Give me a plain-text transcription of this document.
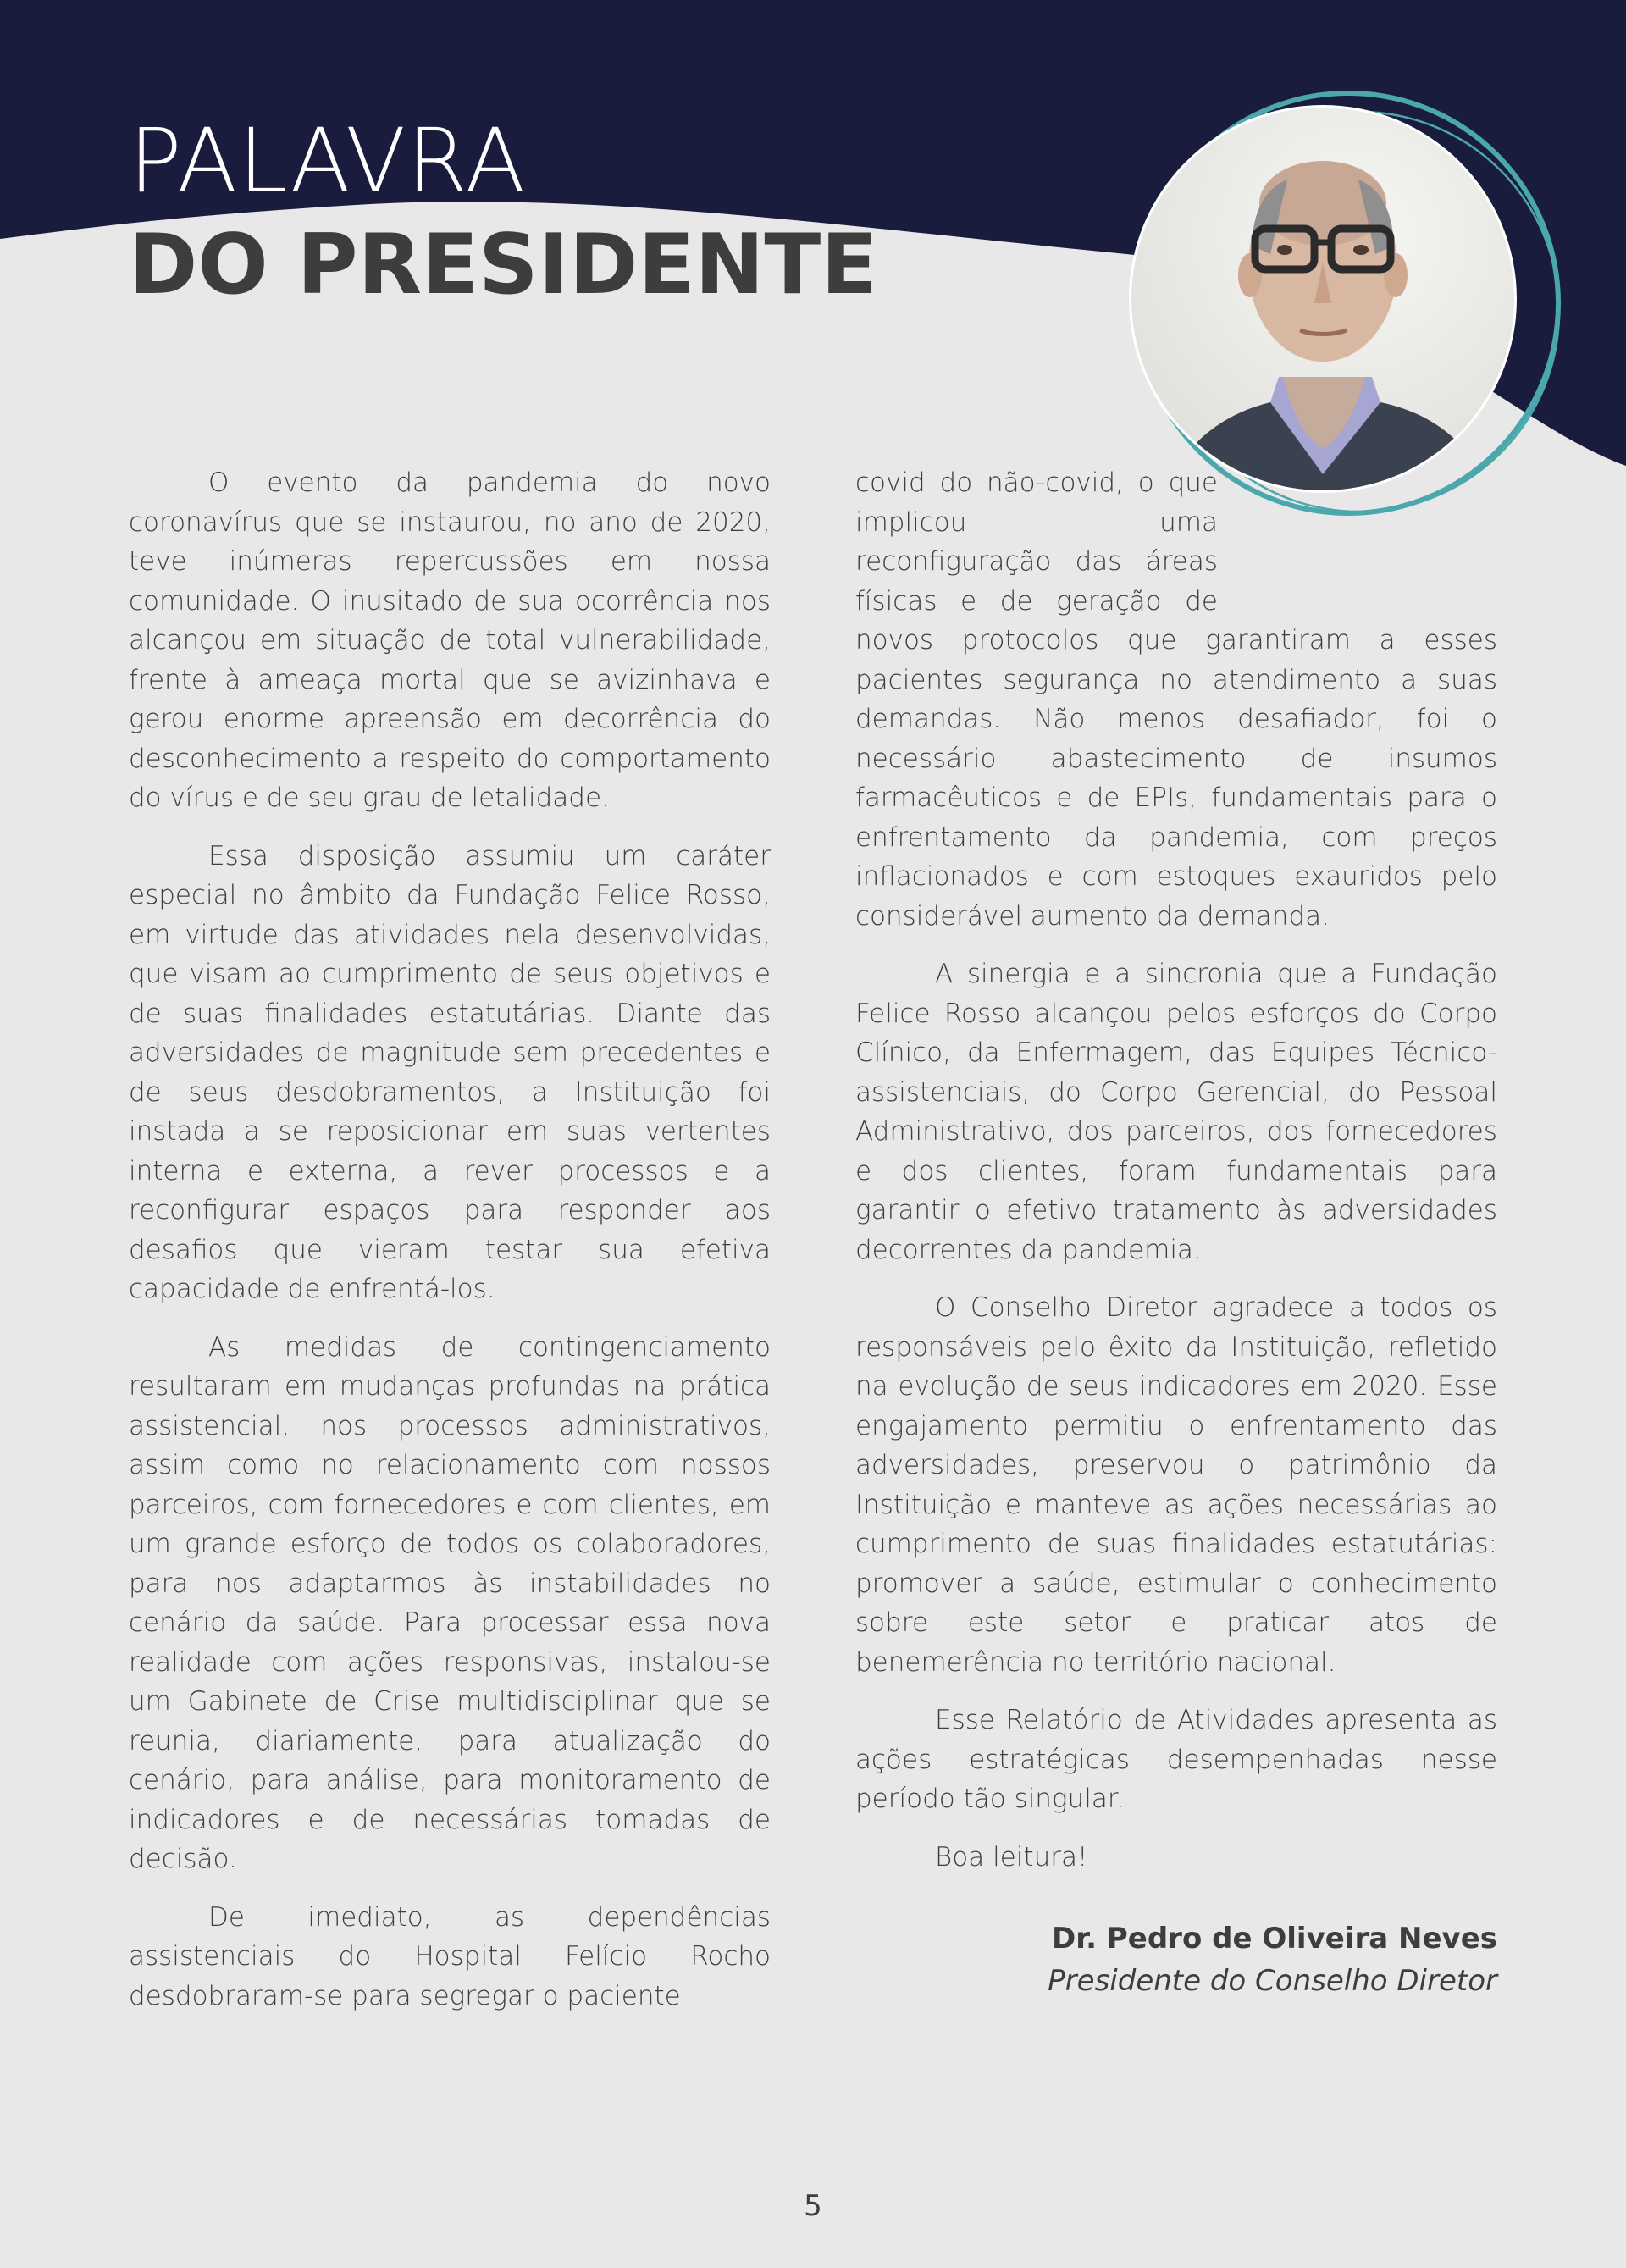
PALAVRA
DO PRESIDENTE

O evento da pandemia do novo coronavírus que se instaurou, no ano de 2020, teve inúmeras repercussões em nossa comunidade. O inusitado de sua ocorrência nos alcançou em situação de total vulnerabilidade, frente à ameaça mortal que se avizinhava e gerou enorme apreensão em decorrência do desconhecimento a respeito do comportamento do vírus e de seu grau de letalidade.

Essa disposição assumiu um caráter especial no âmbito da Fundação Felice Rosso, em virtude das atividades nela desenvolvidas, que visam ao cumprimento de seus objetivos e de suas finalidades estatutárias. Diante das adversidades de magnitude sem precedentes e de seus desdobramentos, a Instituição foi instada a se reposicionar em suas vertentes interna e externa, a rever processos e a reconfigurar espaços para responder aos desafios que vieram testar sua efetiva capacidade de enfrentá-los.

As medidas de contingenciamento resultaram em mudanças profundas na prática assistencial, nos processos administrativos, assim como no relacionamento com nossos parceiros, com fornecedores e com clientes, em um grande esforço de todos os colaboradores, para nos adaptarmos às instabilidades no cenário da saúde. Para processar essa nova realidade com ações responsivas, instalou-se um Gabinete de Crise multidisciplinar que se reunia, diariamente, para atualização do cenário, para análise, para monitoramento de indicadores e de necessárias tomadas de decisão.

De imediato, as dependências assistenciais do Hospital Felício Rocho desdobraram-se para segregar o paciente

covid do não-covid, o que implicou uma reconfiguração das áreas físicas e de geração de novos protocolos que garantiram a esses pacientes segurança no atendimento a suas demandas. Não menos desafiador, foi o necessário abastecimento de insumos farmacêuticos e de EPIs, fundamentais para o enfrentamento da pandemia, com preços inflacionados e com estoques exauridos pelo considerável aumento da demanda.

A sinergia e a sincronia que a Fundação Felice Rosso alcançou pelos esforços do Corpo Clínico, da Enfermagem, das Equipes Técnico-assistenciais, do Corpo Gerencial, do Pessoal Administrativo, dos parceiros, dos fornecedores e dos clientes, foram fundamentais para garantir o efetivo tratamento às adversidades decorrentes da pandemia.

O Conselho Diretor agradece a todos os responsáveis pelo êxito da Instituição, refletido na evolução de seus indicadores em 2020. Esse engajamento permitiu o enfrentamento das adversidades, preservou o patrimônio da Instituição e manteve as ações necessárias ao cumprimento de suas finalidades estatutárias: promover a saúde, estimular o conhecimento sobre este setor e praticar atos de benemerência no território nacional.

Esse Relatório de Atividades apresenta as ações estratégicas desempenhadas nesse período tão singular.

Boa leitura!

Dr. Pedro de Oliveira Neves
Presidente do Conselho Diretor
5
